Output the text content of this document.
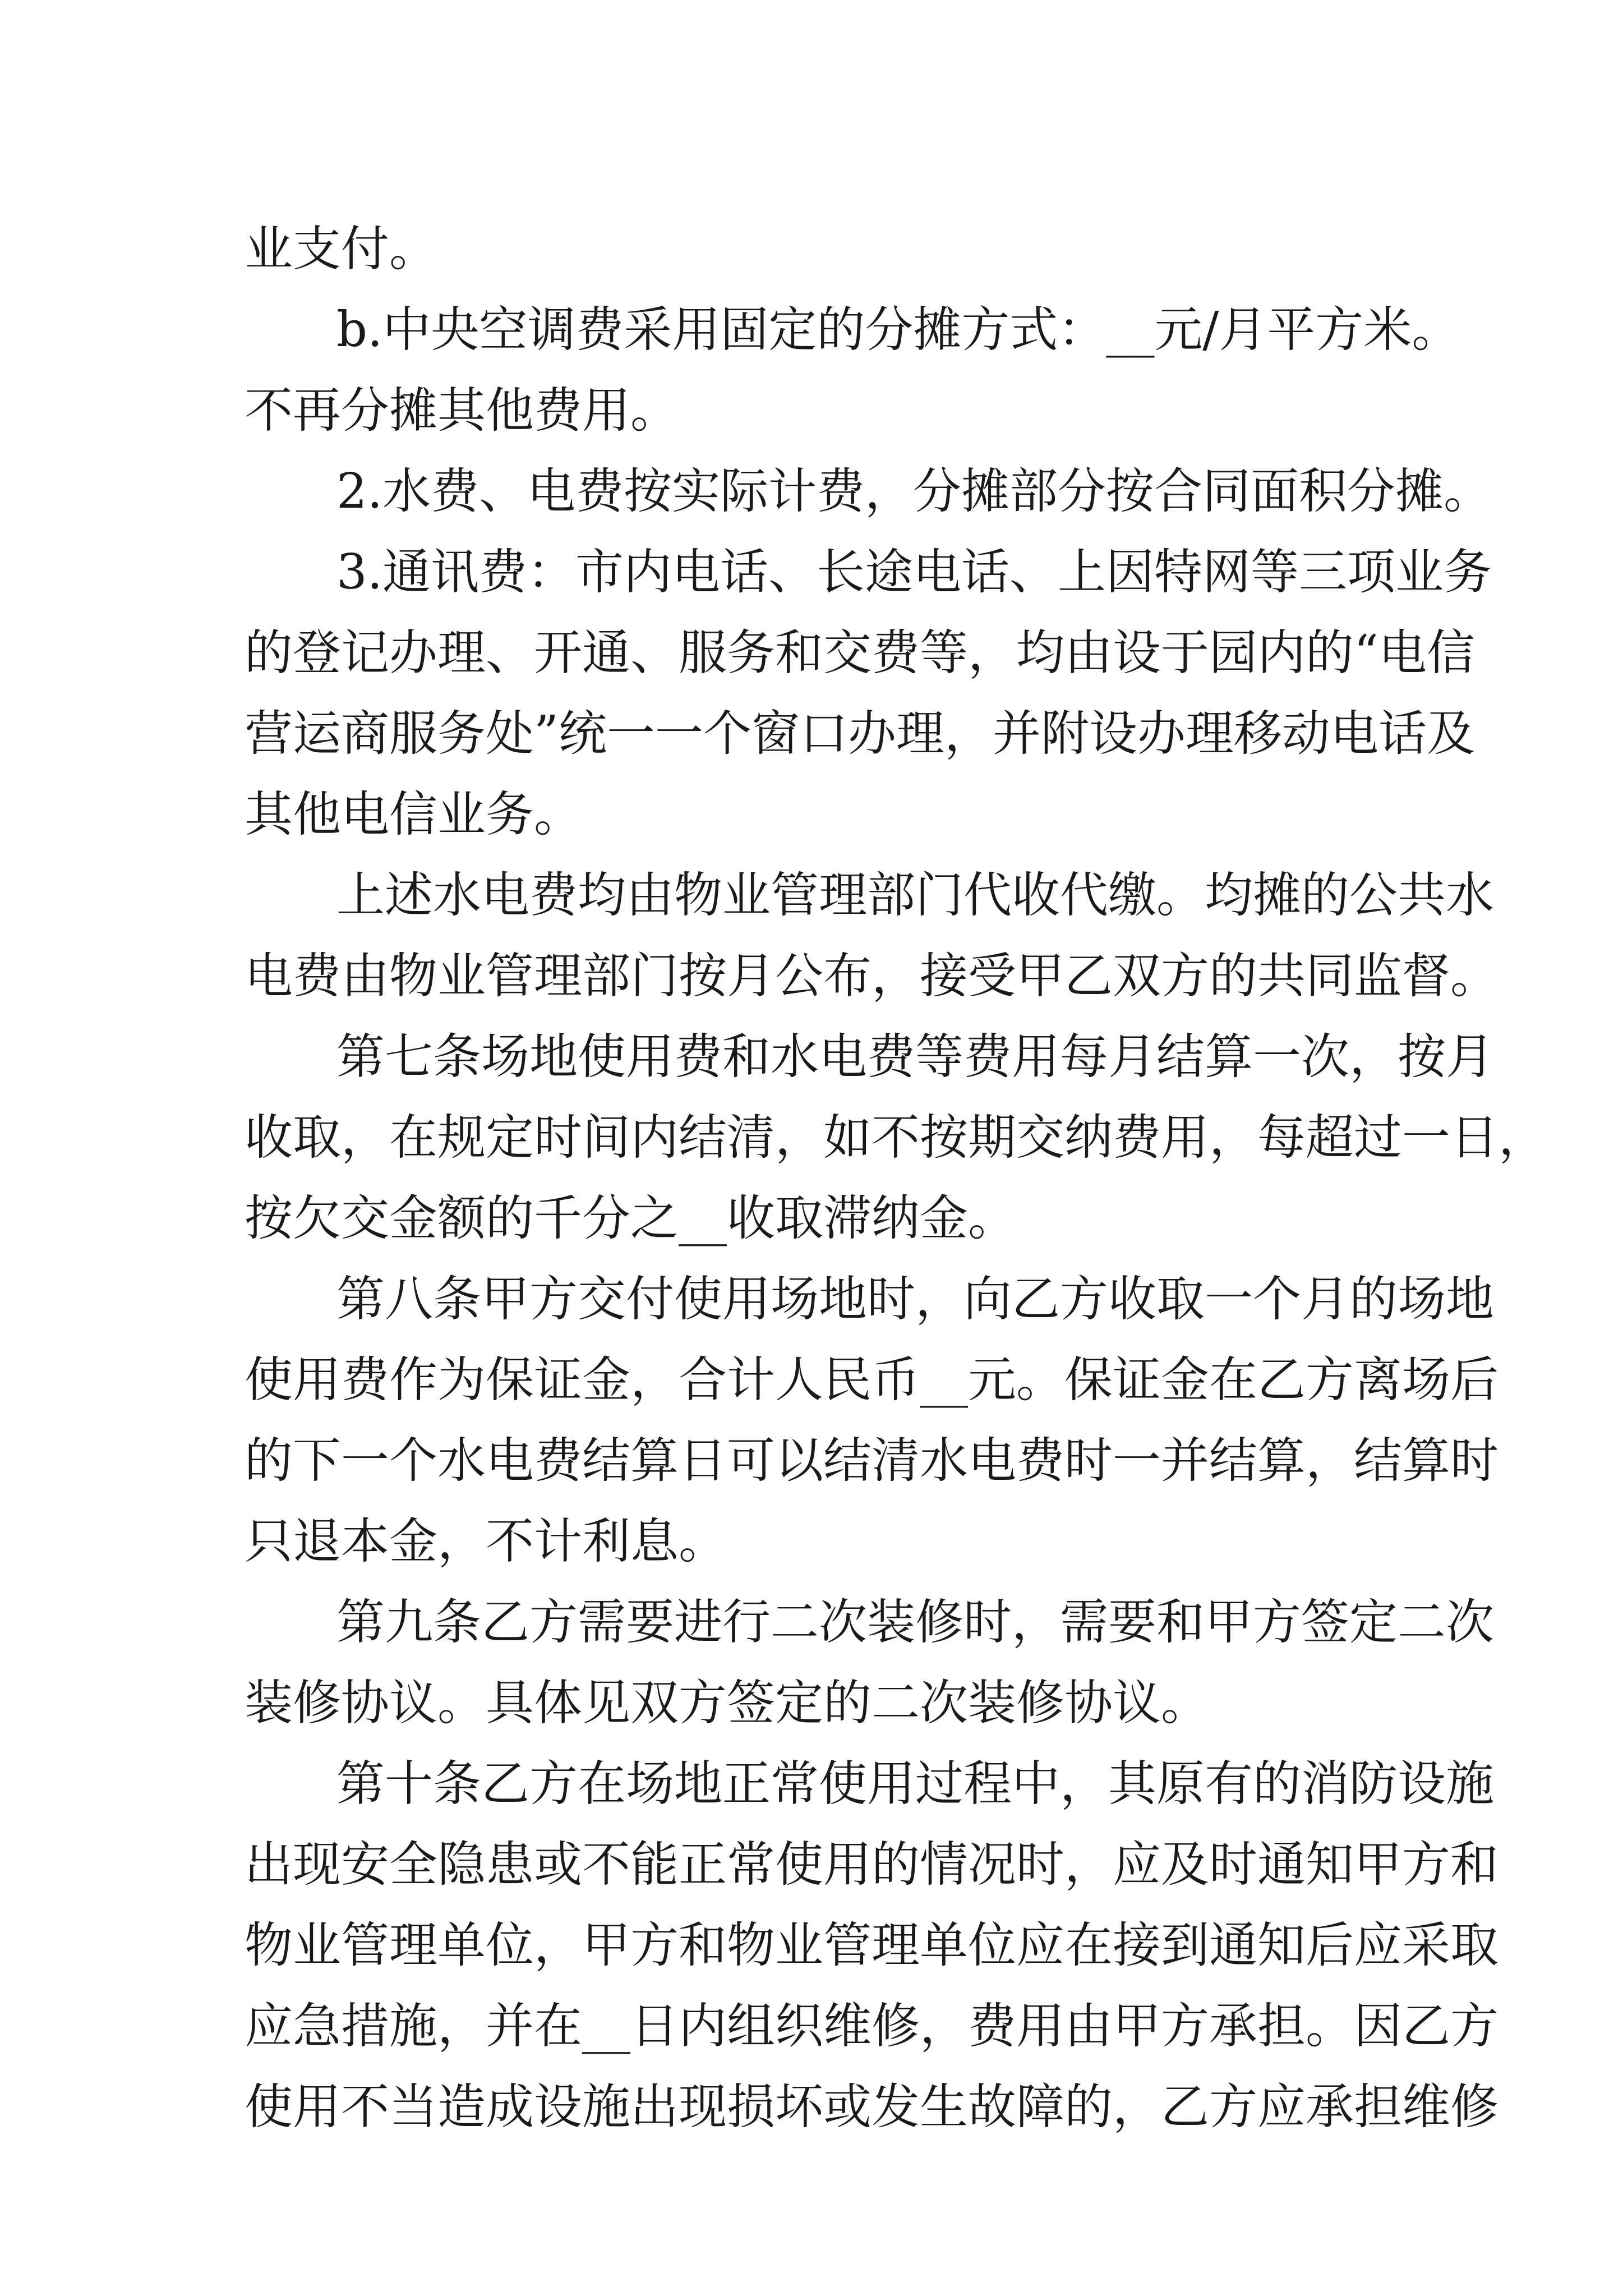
业支付。
b.中央空调费采用固定的分摊方式：__元/月平方米。
不再分摊其他费用。
2.水费、电费按实际计费，分摊部分按合同面积分摊。
3.通讯费：市内电话、长途电话、上因特网等三项业务
的登记办理、开通、服务和交费等，均由设于园内的“电信
营运商服务处”统一一个窗口办理，并附设办理移动电话及
其他电信业务。
上述水电费均由物业管理部门代收代缴。均摊的公共水
电费由物业管理部门按月公布，接受甲乙双方的共同监督。
第七条场地使用费和水电费等费用每月结算一次，按月
收取，在规定时间内结清，如不按期交纳费用，每超过一日，
按欠交金额的千分之__收取滞纳金。
第八条甲方交付使用场地时，向乙方收取一个月的场地
使用费作为保证金，合计人民币__元。保证金在乙方离场后
的下一个水电费结算日可以结清水电费时一并结算，结算时
只退本金，不计利息。
第九条乙方需要进行二次装修时，需要和甲方签定二次
装修协议。具体见双方签定的二次装修协议。
第十条乙方在场地正常使用过程中，其原有的消防设施
出现安全隐患或不能正常使用的情况时，应及时通知甲方和
物业管理单位，甲方和物业管理单位应在接到通知后应采取
应急措施，并在__日内组织维修，费用由甲方承担。因乙方
使用不当造成设施出现损坏或发生故障的，乙方应承担维修
